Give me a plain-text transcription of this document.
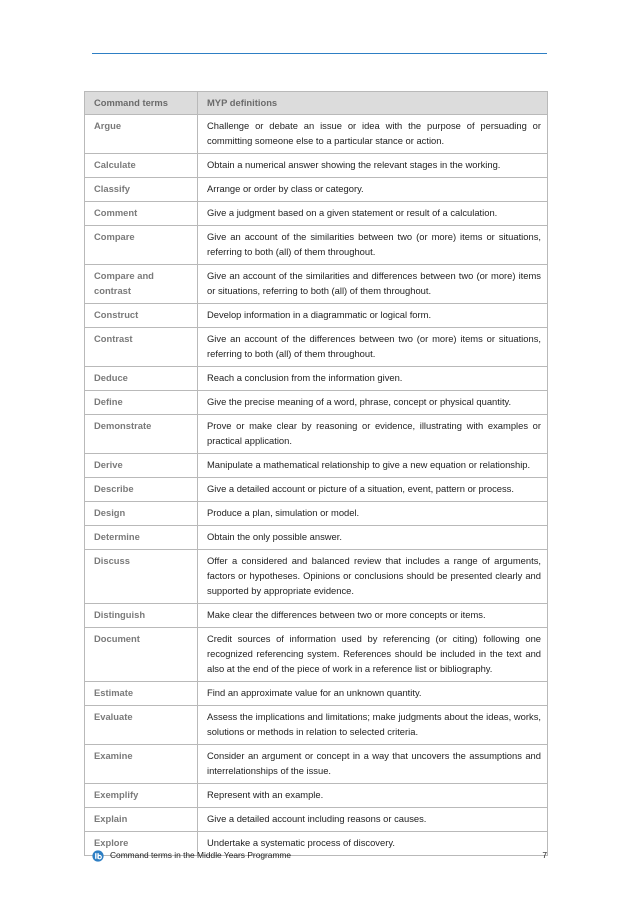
Command terms	MYP definitions
Argue	Challenge or debate an issue or idea with the purpose of persuading or committing someone else to a particular stance or action.
Calculate	Obtain a numerical answer showing the relevant stages in the working.
Classify	Arrange or order by class or category.
Comment	Give a judgment based on a given statement or result of a calculation.
Compare	Give an account of the similarities between two (or more) items or situations, referring to both (all) of them throughout.
Compare and contrast	Give an account of the similarities and differences between two (or more) items or situations, referring to both (all) of them throughout.
Construct	Develop information in a diagrammatic or logical form.
Contrast	Give an account of the differences between two (or more) items or situations, referring to both (all) of them throughout.
Deduce	Reach a conclusion from the information given.
Define	Give the precise meaning of a word, phrase, concept or physical quantity.
Demonstrate	Prove or make clear by reasoning or evidence, illustrating with examples or practical application.
Derive	Manipulate a mathematical relationship to give a new equation or relationship.
Describe	Give a detailed account or picture of a situation, event, pattern or process.
Design	Produce a plan, simulation or model.
Determine	Obtain the only possible answer.
Discuss	Offer a considered and balanced review that includes a range of arguments, factors or hypotheses. Opinions or conclusions should be presented clearly and supported by appropriate evidence.
Distinguish	Make clear the differences between two or more concepts or items.
Document	Credit sources of information used by referencing (or citing) following one recognized referencing system. References should be included in the text and also at the end of the piece of work in a reference list or bibliography.
Estimate	Find an approximate value for an unknown quantity.
Evaluate	Assess the implications and limitations; make judgments about the ideas, works, solutions or methods in relation to selected criteria.
Examine	Consider an argument or concept in a way that uncovers the assumptions and interrelationships of the issue.
Exemplify	Represent with an example.
Explain	Give a detailed account including reasons or causes.
Explore	Undertake a systematic process of discovery.
Command terms in the Middle Years Programme	7
